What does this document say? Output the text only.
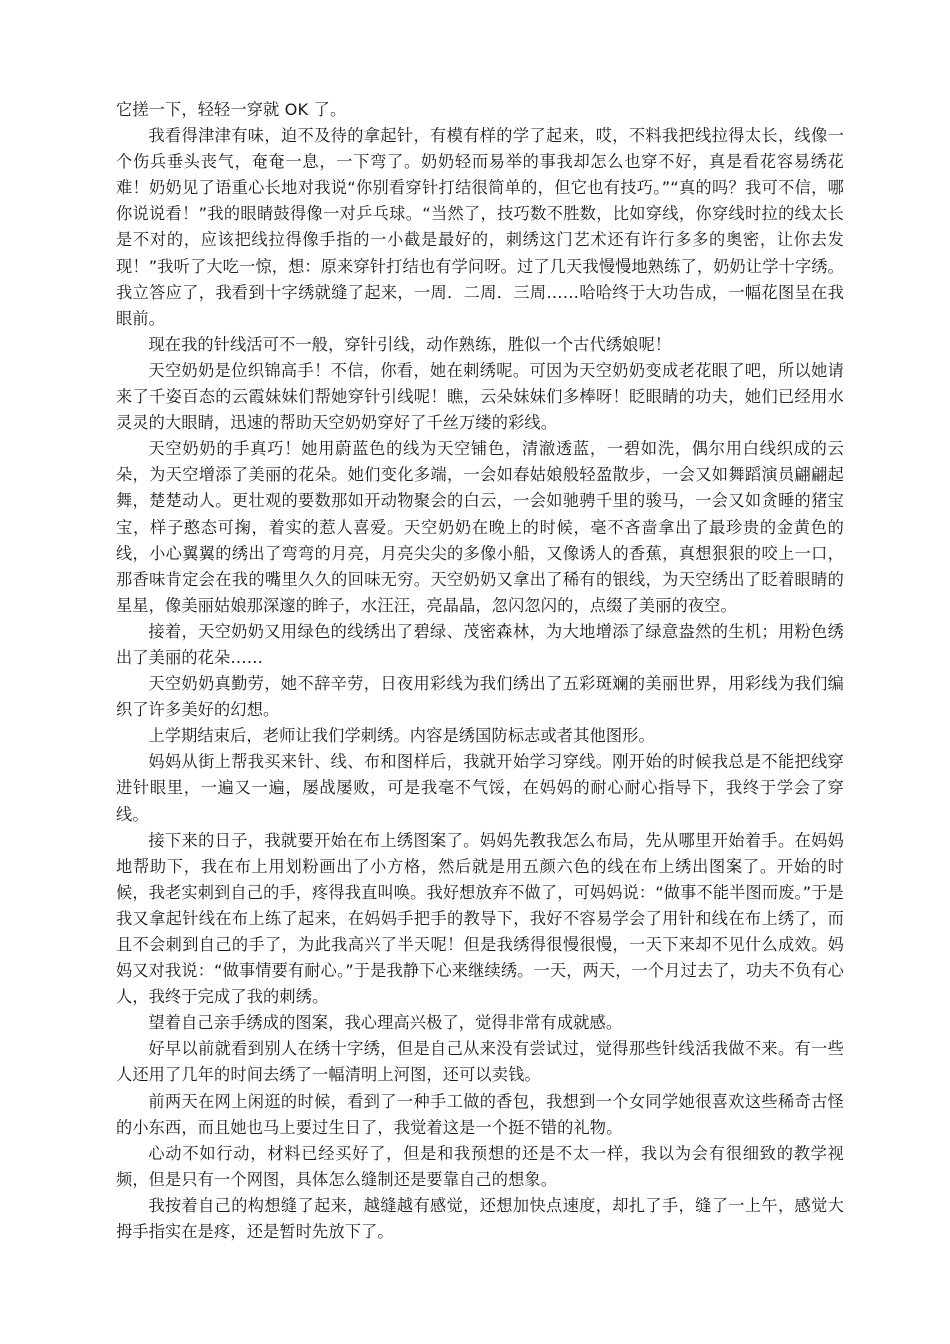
它搓一下，轻轻一穿就 OK 了。

我看得津津有味，迫不及待的拿起针，有模有样的学了起来，哎，不料我把线拉得太长，线像一个伤兵垂头丧气，奄奄一息，一下弯了。奶奶轻而易举的事我却怎么也穿不好，真是看花容易绣花难！奶奶见了语重心长地对我说“你别看穿针打结很简单的，但它也有技巧。”“真的吗？我可不信，哪你说说看！”我的眼睛鼓得像一对乒乓球。“当然了，技巧数不胜数，比如穿线，你穿线时拉的线太长是不对的，应该把线拉得像手指的一小截是最好的，刺绣这门艺术还有许行多多的奥密，让你去发现！”我听了大吃一惊，想：原来穿针打结也有学问呀。过了几天我慢慢地熟练了，奶奶让学十字绣。我立答应了，我看到十字绣就缝了起来，一周．二周．三周……哈哈终于大功告成，一幅花图呈在我眼前。

现在我的针线活可不一般，穿针引线，动作熟练，胜似一个古代绣娘呢！

天空奶奶是位织锦高手！不信，你看，她在刺绣呢。可因为天空奶奶变成老花眼了吧，所以她请来了千姿百态的云霞妹妹们帮她穿针引线呢！瞧，云朵妹妹们多棒呀！眨眼睛的功夫，她们已经用水灵灵的大眼睛，迅速的帮助天空奶奶穿好了千丝万缕的彩线。

天空奶奶的手真巧！她用蔚蓝色的线为天空铺色，清澈透蓝，一碧如洗，偶尔用白线织成的云朵，为天空增添了美丽的花朵。她们变化多端，一会如春姑娘般轻盈散步，一会又如舞蹈演员翩翩起舞，楚楚动人。更壮观的要数那如开动物聚会的白云，一会如驰骋千里的骏马，一会又如贪睡的猪宝宝，样子憨态可掬，着实的惹人喜爱。天空奶奶在晚上的时候，毫不吝啬拿出了最珍贵的金黄色的线，小心翼翼的绣出了弯弯的月亮，月亮尖尖的多像小船，又像诱人的香蕉，真想狠狠的咬上一口，那香味肯定会在我的嘴里久久的回味无穷。天空奶奶又拿出了稀有的银线，为天空绣出了眨着眼睛的星星，像美丽姑娘那深邃的眸子，水汪汪，亮晶晶，忽闪忽闪的，点缀了美丽的夜空。

接着，天空奶奶又用绿色的线绣出了碧绿、茂密森林，为大地增添了绿意盎然的生机；用粉色绣出了美丽的花朵……

天空奶奶真勤劳，她不辞辛劳，日夜用彩线为我们绣出了五彩斑斓的美丽世界，用彩线为我们编织了许多美好的幻想。

上学期结束后，老师让我们学刺绣。内容是绣国防标志或者其他图形。

妈妈从街上帮我买来针、线、布和图样后，我就开始学习穿线。刚开始的时候我总是不能把线穿进针眼里，一遍又一遍，屡战屡败，可是我毫不气馁，在妈妈的耐心耐心指导下，我终于学会了穿线。

接下来的日子，我就要开始在布上绣图案了。妈妈先教我怎么布局，先从哪里开始着手。在妈妈地帮助下，我在布上用划粉画出了小方格，然后就是用五颜六色的线在布上绣出图案了。开始的时候，我老实刺到自己的手，疼得我直叫唤。我好想放弃不做了，可妈妈说：“做事不能半图而废。”于是我又拿起针线在布上练了起来，在妈妈手把手的教导下，我好不容易学会了用针和线在布上绣了，而且不会刺到自己的手了，为此我高兴了半天呢！但是我绣得很慢很慢，一天下来却不见什么成效。妈妈又对我说：“做事情要有耐心。”于是我静下心来继续绣。一天，两天，一个月过去了，功夫不负有心人，我终于完成了我的刺绣。

望着自己亲手绣成的图案，我心理高兴极了，觉得非常有成就感。

好早以前就看到别人在绣十字绣，但是自己从来没有尝试过，觉得那些针线活我做不来。有一些人还用了几年的时间去绣了一幅清明上河图，还可以卖钱。

前两天在网上闲逛的时候，看到了一种手工做的香包，我想到一个女同学她很喜欢这些稀奇古怪的小东西，而且她也马上要过生日了，我觉着这是一个挺不错的礼物。

心动不如行动，材料已经买好了，但是和我预想的还是不太一样，我以为会有很细致的教学视频，但是只有一个网图，具体怎么缝制还是要靠自己的想象。

我按着自己的构想缝了起来，越缝越有感觉，还想加快点速度，却扎了手，缝了一上午，感觉大拇手指实在是疼，还是暂时先放下了。
